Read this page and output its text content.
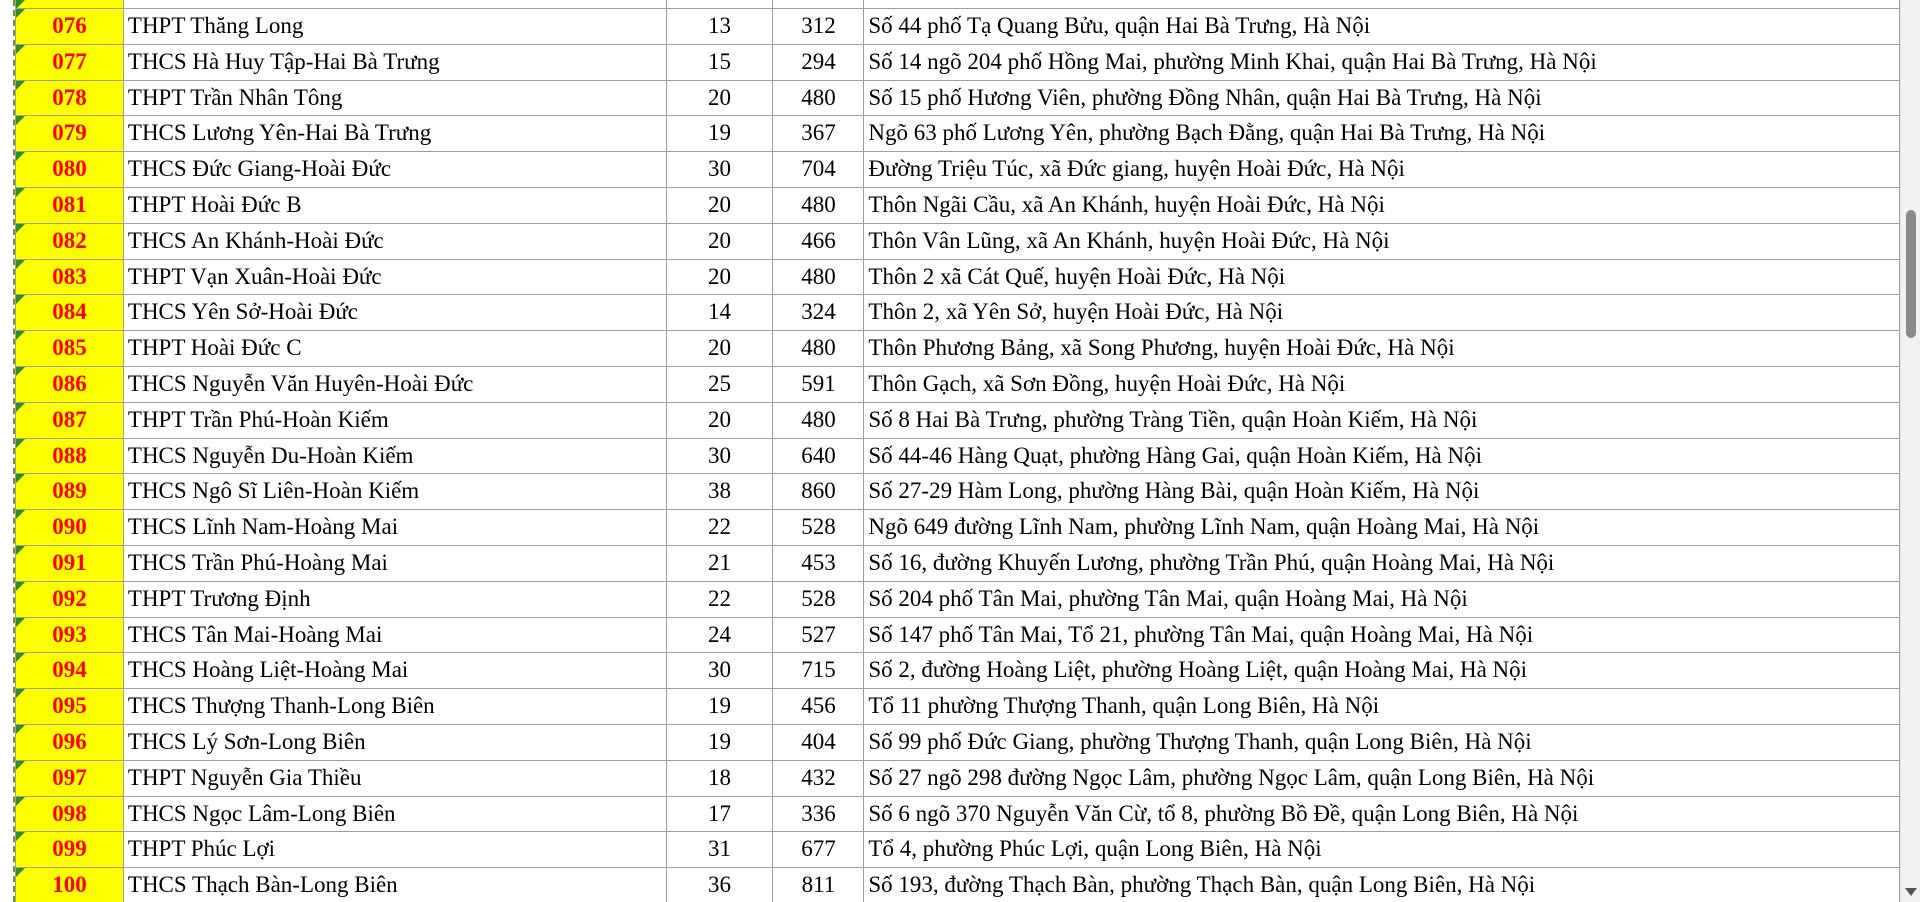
076	THPT Thăng Long	13	312	Số 44 phố Tạ Quang Bửu, quận Hai Bà Trưng, Hà Nội
077	THCS Hà Huy Tập-Hai Bà Trưng	15	294	Số 14 ngõ 204 phố Hồng Mai, phường Minh Khai, quận Hai Bà Trưng, Hà Nội
078	THPT Trần Nhân Tông	20	480	Số 15 phố Hương Viên, phường Đồng Nhân, quận Hai Bà Trưng, Hà Nội
079	THCS Lương Yên-Hai Bà Trưng	19	367	Ngõ 63 phố Lương Yên, phường Bạch Đằng, quận Hai Bà Trưng, Hà Nội
080	THCS Đức Giang-Hoài Đức	30	704	Đường Triệu Túc, xã Đức giang, huyện Hoài Đức, Hà Nội
081	THPT Hoài Đức B	20	480	Thôn Ngãi Cầu, xã An Khánh, huyện Hoài Đức, Hà Nội
082	THCS An Khánh-Hoài Đức	20	466	Thôn Vân Lũng, xã An Khánh, huyện Hoài Đức, Hà Nội
083	THPT Vạn Xuân-Hoài Đức	20	480	Thôn 2 xã Cát Quế, huyện Hoài Đức, Hà Nội
084	THCS Yên Sở-Hoài Đức	14	324	Thôn 2, xã Yên Sở, huyện Hoài Đức, Hà Nội
085	THPT Hoài Đức C	20	480	Thôn Phương Bảng, xã Song Phương, huyện Hoài Đức, Hà Nội
086	THCS Nguyễn Văn Huyên-Hoài Đức	25	591	Thôn Gạch, xã Sơn Đồng, huyện Hoài Đức, Hà Nội
087	THPT Trần Phú-Hoàn Kiếm	20	480	Số 8 Hai Bà Trưng, phường Tràng Tiền, quận Hoàn Kiếm, Hà Nội
088	THCS Nguyễn Du-Hoàn Kiếm	30	640	Số 44-46 Hàng Quạt, phường Hàng Gai, quận Hoàn Kiếm, Hà Nội
089	THCS Ngô Sĩ Liên-Hoàn Kiếm	38	860	Số 27-29 Hàm Long, phường Hàng Bài, quận Hoàn Kiếm, Hà Nội
090	THCS Lĩnh Nam-Hoàng Mai	22	528	Ngõ 649 đường Lĩnh Nam, phường Lĩnh Nam, quận Hoàng Mai, Hà Nội
091	THCS Trần Phú-Hoàng Mai	21	453	Số 16, đường Khuyến Lương, phường Trần Phú, quận Hoàng Mai, Hà Nội
092	THPT Trương Định	22	528	Số 204 phố Tân Mai, phường Tân Mai, quận Hoàng Mai, Hà Nội
093	THCS Tân Mai-Hoàng Mai	24	527	Số 147 phố Tân Mai, Tổ 21, phường Tân Mai, quận Hoàng Mai, Hà Nội
094	THCS Hoàng Liệt-Hoàng Mai	30	715	Số 2, đường Hoàng Liệt, phường Hoàng Liệt, quận Hoàng Mai, Hà Nội
095	THCS Thượng Thanh-Long Biên	19	456	Tổ 11 phường Thượng Thanh, quận Long Biên, Hà Nội
096	THCS Lý Sơn-Long Biên	19	404	Số 99 phố Đức Giang, phường Thượng Thanh, quận Long Biên, Hà Nội
097	THPT Nguyễn Gia Thiều	18	432	Số 27 ngõ 298 đường Ngọc Lâm, phường Ngọc Lâm, quận Long Biên, Hà Nội
098	THCS Ngọc Lâm-Long Biên	17	336	Số 6 ngõ 370 Nguyễn Văn Cừ, tổ 8, phường Bồ Đề, quận Long Biên, Hà Nội
099	THPT Phúc Lợi	31	677	Tổ 4, phường Phúc Lợi, quận Long Biên, Hà Nội
100	THCS Thạch Bàn-Long Biên	36	811	Số 193, đường Thạch Bàn, phường Thạch Bàn, quận Long Biên, Hà Nội
